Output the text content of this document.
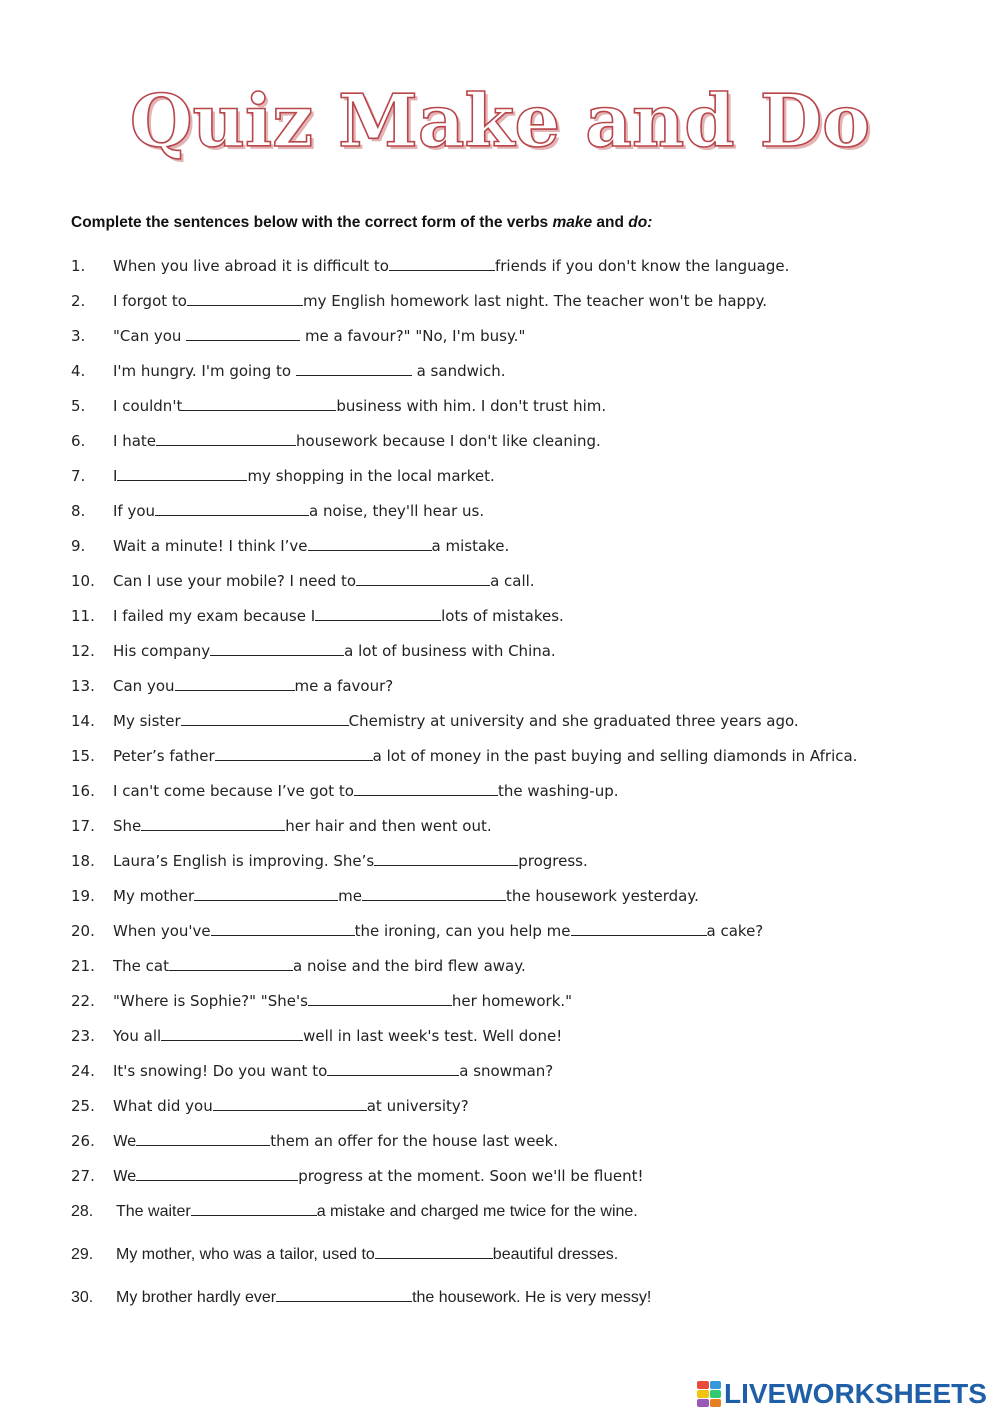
Quiz Make and Do
Complete the sentences below with the correct form of the verbs make and do:
1. When you live abroad it is difficult to	friends if you don't know the language.
2. I forgot to	my English homework last night. The teacher won't be happy.
3. "Can you	me a favour?" "No, I'm busy."
4. I'm hungry. I'm going to	a sandwich.
5. I couldn't	business with him. I don't trust him.
6. I hate	housework because I don't like cleaning.
7. I	my shopping in the local market.
8. If you	a noise, they'll hear us.
9. Wait a minute! I think I’ve	a mistake.
10. Can I use your mobile? I need to	a call.
11. I failed my exam because I	lots of mistakes.
12. His company	a lot of business with China.
13. Can you	me a favour?
14. My sister	Chemistry at university and she graduated three years ago.
15. Peter’s father	a lot of money in the past buying and selling diamonds in Africa.
16. I can't come because I’ve got to	the washing-up.
17. She	her hair and then went out.
18. Laura’s English is improving. She’s	progress.
19. My mother	me	the housework yesterday.
20. When you've	the ironing, can you help me	a cake?
21. The cat	a noise and the bird flew away.
22. "Where is Sophie?" "She's	her homework."
23. You all	well in last week's test. Well done!
24. It's snowing! Do you want to	a snowman?
25. What did you	at university?
26. We	them an offer for the house last week.
27. We	progress at the moment. Soon we'll be fluent!
28. The waiter	a mistake and charged me twice for the wine.
29. My mother, who was a tailor, used to	beautiful dresses.
30. My brother hardly ever	the housework. He is very messy!
LIVEWORKSHEETS
